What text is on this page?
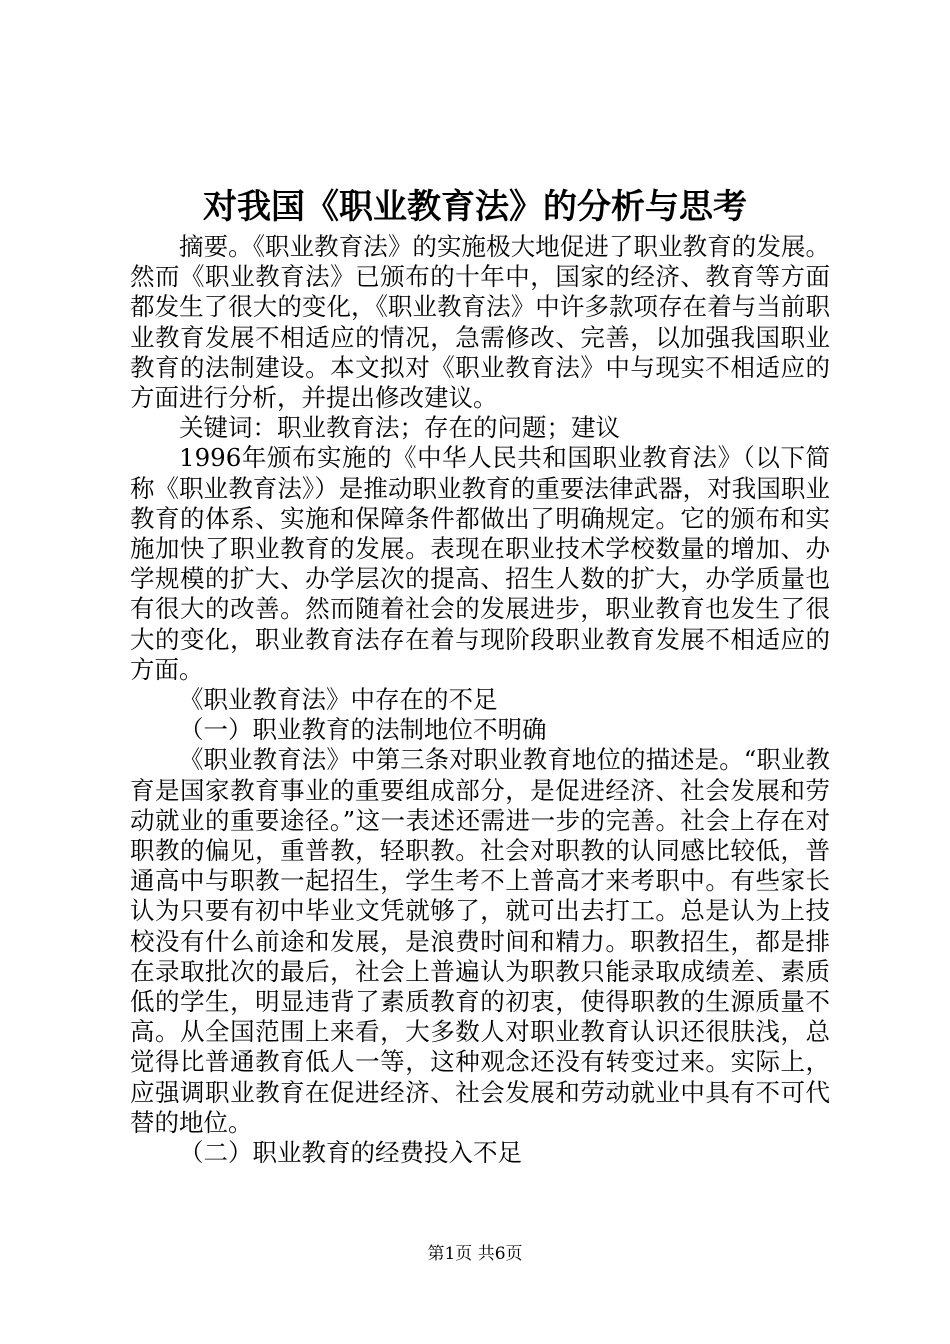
对我国《职业教育法》的分析与思考

摘要。《职业教育法》的实施极大地促进了职业教育的发展。然而《职业教育法》已颁布的十年中，国家的经济、教育等方面都发生了很大的变化，《职业教育法》中许多款项存在着与当前职业教育发展不相适应的情况，急需修改、完善，以加强我国职业教育的法制建设。本文拟对《职业教育法》中与现实不相适应的方面进行分析，并提出修改建议。

关键词：职业教育法；存在的问题；建议

1996年颁布实施的《中华人民共和国职业教育法》（以下简称《职业教育法》）是推动职业教育的重要法律武器，对我国职业教育的体系、实施和保障条件都做出了明确规定。它的颁布和实施加快了职业教育的发展。表现在职业技术学校数量的增加、办学规模的扩大、办学层次的提高、招生人数的扩大，办学质量也有很大的改善。然而随着社会的发展进步，职业教育也发生了很大的变化，职业教育法存在着与现阶段职业教育发展不相适应的方面。

《职业教育法》中存在的不足

（一）职业教育的法制地位不明确

《职业教育法》中第三条对职业教育地位的描述是。“职业教育是国家教育事业的重要组成部分，是促进经济、社会发展和劳动就业的重要途径。”这一表述还需进一步的完善。社会上存在对职教的偏见，重普教，轻职教。社会对职教的认同感比较低，普通高中与职教一起招生，学生考不上普高才来考职中。有些家长认为只要有初中毕业文凭就够了，就可出去打工。总是认为上技校没有什么前途和发展，是浪费时间和精力。职教招生，都是排在录取批次的最后，社会上普遍认为职教只能录取成绩差、素质低的学生，明显违背了素质教育的初衷，使得职教的生源质量不高。从全国范围上来看，大多数人对职业教育认识还很肤浅，总觉得比普通教育低人一等，这种观念还没有转变过来。实际上，应强调职业教育在促进经济、社会发展和劳动就业中具有不可代替的地位。

（二）职业教育的经费投入不足

第1页 共6页
